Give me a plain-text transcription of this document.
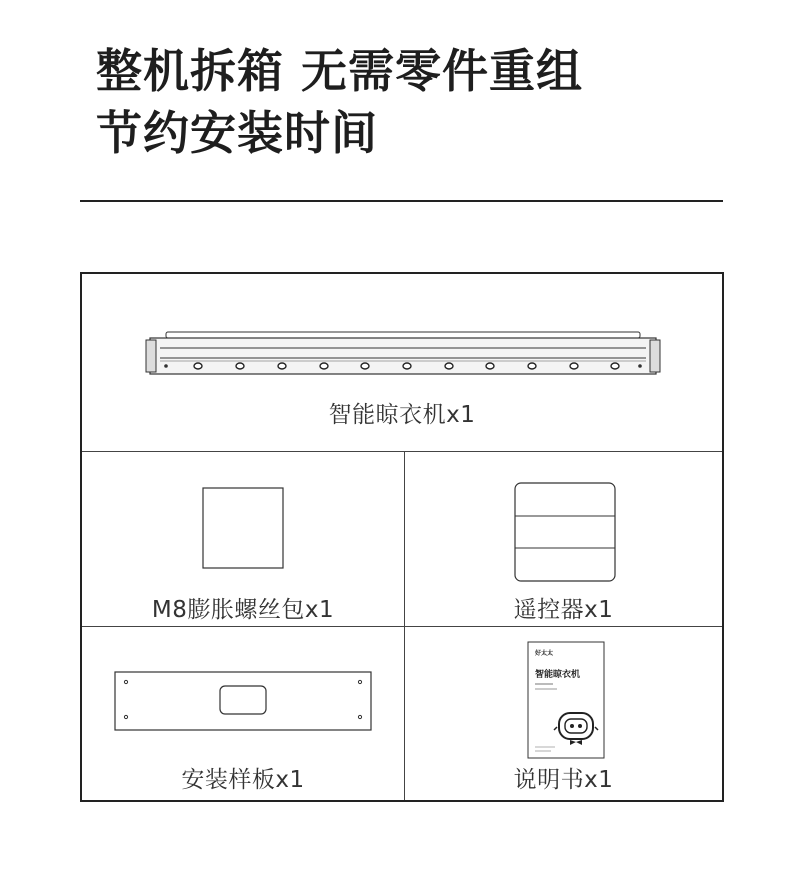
整机拆箱 无需零件重组
节约安装时间
智能晾衣机x1
M8膨胀螺丝包x1	遥控器x1
安装样板x1
好太太
智能晾衣机
说明书x1
